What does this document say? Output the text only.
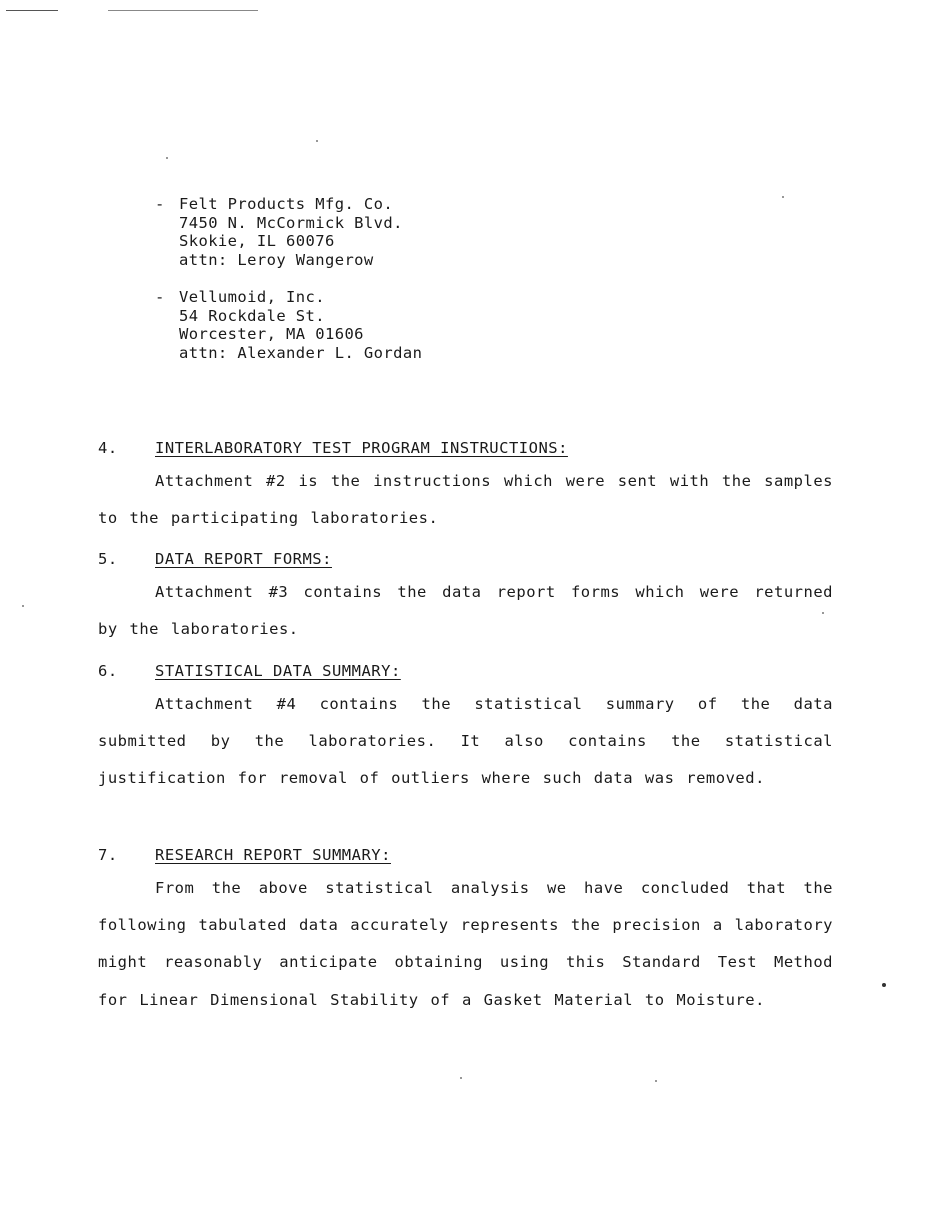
- Felt Products Mfg. Co.
7450 N. McCormick Blvd.
Skokie, IL 60076
attn: Leroy Wangerow
- Vellumoid, Inc.
54 Rockdale St.
Worcester, MA 01606
attn: Alexander L. Gordan
4. INTERLABORATORY TEST PROGRAM INSTRUCTIONS:
Attachment #2 is the instructions which were sent with the samples to the participating laboratories.
5. DATA REPORT FORMS:
Attachment #3 contains the data report forms which were returned by the laboratories.
6. STATISTICAL DATA SUMMARY:
Attachment #4 contains the statistical summary of the data submitted by the laboratories. It also contains the statistical justification for removal of outliers where such data was removed.
7. RESEARCH REPORT SUMMARY:
From the above statistical analysis we have concluded that the following tabulated data accurately represents the precision a laboratory might reasonably anticipate obtaining using this Standard Test Method for Linear Dimensional Stability of a Gasket Material to Moisture.
